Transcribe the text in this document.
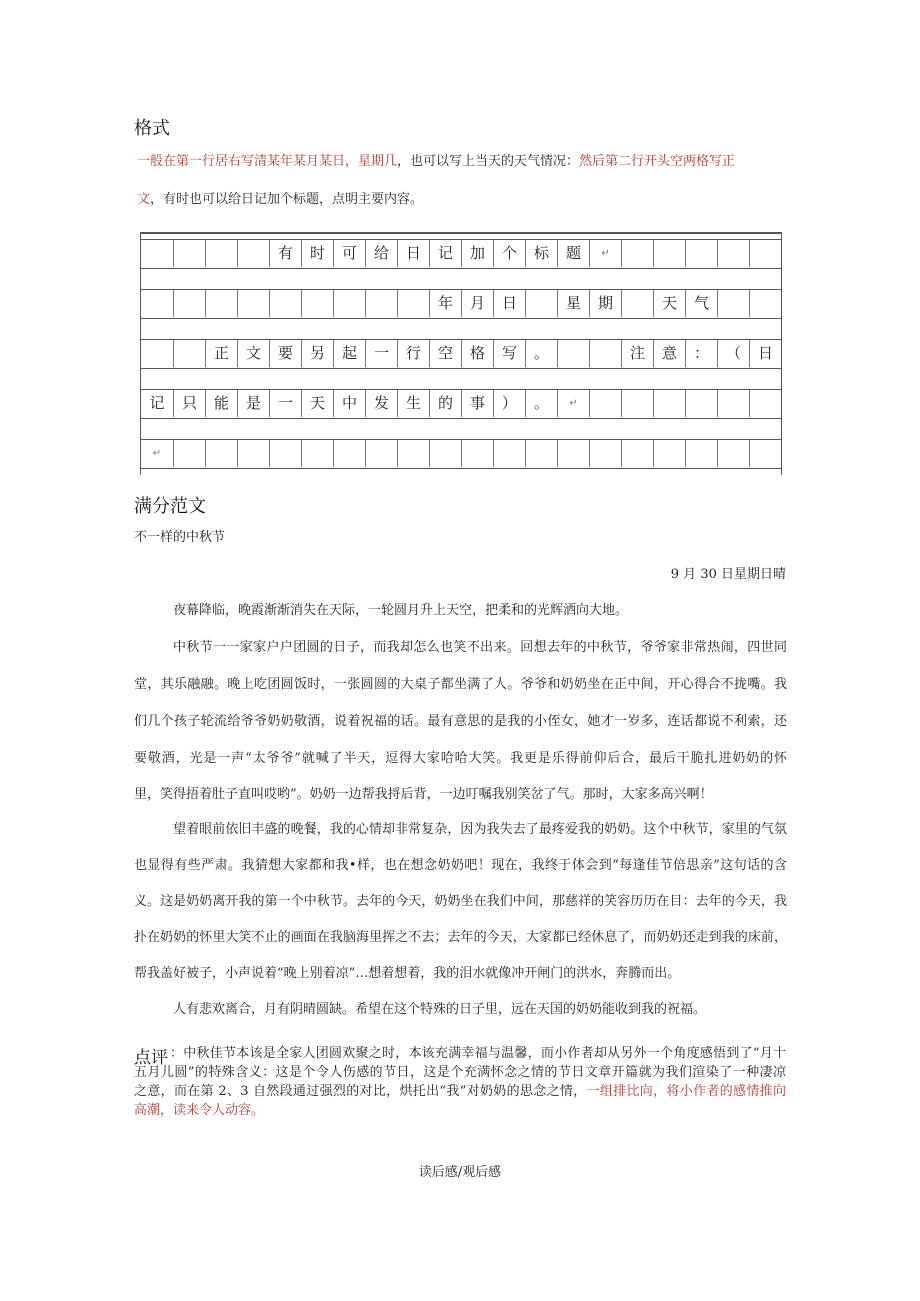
格式
一般在第一行居右写清某年某月某日，星期几，也可以写上当天的天气情况：然后第二行开头空两格写正
文，有时也可以给日记加个标题，点明主要内容。
有	时	可	给	日	记	加	个	标	题	↵
年	月	日	星	期	天	气
正	文	要	另	起	一	行	空	格	写	。	注	意	：	（	日
记	只	能	是	一	天	中	发	生	的	事	）	。	↵
↵
满分范文
不一样的中秋节
9 月 30 日星期日晴
夜幕降临，晚霞渐渐消失在天际，一轮圆月升上天空，把柔和的光辉洒向大地。
中秋节一一家家户户团圆的日子，而我却怎么也笑不出来。回想去年的中秋节，爷爷家非常热闹，四世同
堂，其乐融融。晚上吃团圆饭时，一张圆圆的大桌子都坐满了人。爷爷和奶奶坐在正中间，开心得合不拢嘴。我
们几个孩子轮流给爷爷奶奶敬酒，说着祝福的话。最有意思的是我的小侄女，她才一岁多，连话都说不利索，还
要敬酒，光是一声“太爷爷”就喊了半天，逗得大家哈哈大笑。我更是乐得前仰后合，最后干脆扎进奶奶的怀
里，笑得捂着肚子直叫哎哟”。奶奶一边帮我捋后背，一边叮嘱我别笑岔了气。那时，大家多高兴啊！
望着眼前依旧丰盛的晚餐，我的心情却非常复杂，因为我失去了最疼爱我的奶奶。这个中秋节，家里的气氛
也显得有些严肃。我猜想大家都和我•样，也在想念奶奶吧！现在，我终于体会到“每逢佳节倍思亲”这句话的含
义。这是奶奶离开我的第一个中秋节。去年的今天，奶奶坐在我们中间，那慈祥的笑容历历在目：去年的今天，我
扑在奶奶的怀里大笑不止的画面在我脑海里挥之不去；去年的今天，大家都已经休息了，而奶奶还走到我的床前，
帮我盖好被子，小声说着“晚上别着凉”…想着想着，我的泪水就像冲开闸门的洪水，奔腾而出。
人有悲欢离合，月有阴晴圆缺。希望在这个特殊的日子里，远在天国的奶奶能收到我的祝福。
点评 ：中秋佳节本该是全家人团圆欢聚之时，本该充满幸福与温馨，而小作者却从另外一个角度感悟到了“月十
五月儿圆”的特殊含义：这是个令人伤感的节日，这是个充满怀念之情的节日文章开篇就为我们渲染了一种凄凉
之意，而在第 2、3 自然段通过强烈的对比，烘托出“我”对奶奶的思念之情，一组排比向，将小作者的感情推向
高潮，读来令人动容。
读后感/观后感
